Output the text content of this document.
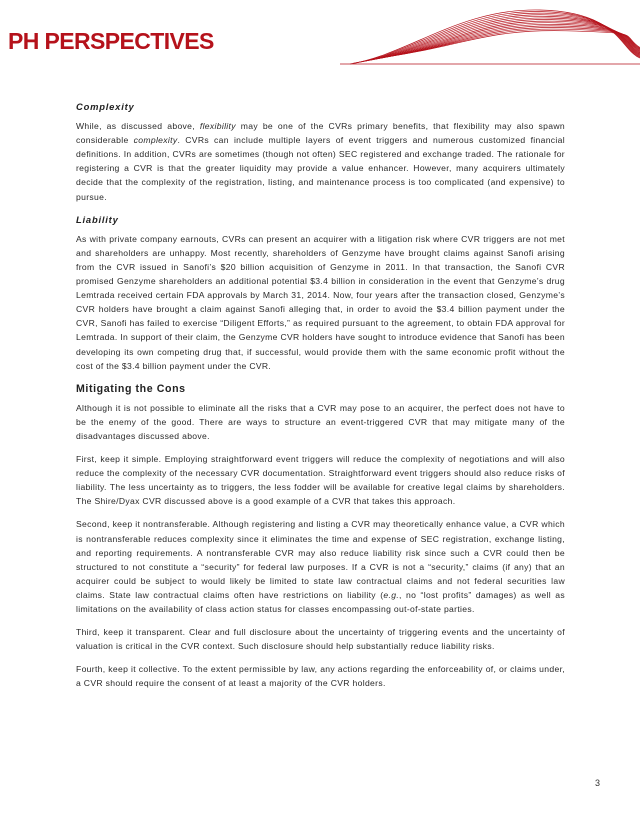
PH PERSPECTIVES
Complexity

While, as discussed above, flexibility may be one of the CVRs primary benefits, that flexibility may also spawn considerable complexity. CVRs can include multiple layers of event triggers and numerous customized financial definitions. In addition, CVRs are sometimes (though not often) SEC registered and exchange traded. The rationale for registering a CVR is that the greater liquidity may provide a value enhancer. However, many acquirers ultimately decide that the complexity of the registration, listing, and maintenance process is too complicated (and expensive) to pursue.

Liability

As with private company earnouts, CVRs can present an acquirer with a litigation risk where CVR triggers are not met and shareholders are unhappy. Most recently, shareholders of Genzyme have brought claims against Sanofi arising from the CVR issued in Sanofi’s $20 billion acquisition of Genzyme in 2011. In that transaction, the Sanofi CVR promised Genzyme shareholders an additional potential $3.4 billion in consideration in the event that Genzyme’s drug Lemtrada received certain FDA approvals by March 31, 2014. Now, four years after the transaction closed, Genzyme’s CVR holders have brought a claim against Sanofi alleging that, in order to avoid the $3.4 billion payment under the CVR, Sanofi has failed to exercise “Diligent Efforts,” as required pursuant to the agreement, to obtain FDA approval for Lemtrada. In support of their claim, the Genzyme CVR holders have sought to introduce evidence that Sanofi has been developing its own competing drug that, if successful, would provide them with the same economic profit without the cost of the $3.4 billion payment under the CVR.

Mitigating the Cons

Although it is not possible to eliminate all the risks that a CVR may pose to an acquirer, the perfect does not have to be the enemy of the good. There are ways to structure an event-triggered CVR that may mitigate many of the disadvantages discussed above.

First, keep it simple. Employing straightforward event triggers will reduce the complexity of negotiations and will also reduce the complexity of the necessary CVR documentation. Straightforward event triggers should also reduce risks of liability. The less uncertainty as to triggers, the less fodder will be available for creative legal claims by shareholders. The Shire/Dyax CVR discussed above is a good example of a CVR that takes this approach.

Second, keep it nontransferable. Although registering and listing a CVR may theoretically enhance value, a CVR which is nontransferable reduces complexity since it eliminates the time and expense of SEC registration, exchange listing, and reporting requirements. A nontransferable CVR may also reduce liability risk since such a CVR could then be structured to not constitute a “security” for federal law purposes. If a CVR is not a “security,” claims (if any) that an acquirer could be subject to would likely be limited to state law contractual claims and not federal securities law claims. State law contractual claims often have restrictions on liability (e.g., no “lost profits” damages) as well as limitations on the availability of class action status for classes encompassing out-of-state parties.

Third, keep it transparent. Clear and full disclosure about the uncertainty of triggering events and the uncertainty of valuation is critical in the CVR context. Such disclosure should help substantially reduce liability risks.

Fourth, keep it collective. To the extent permissible by law, any actions regarding the enforceability of, or claims under, a CVR should require the consent of at least a majority of the CVR holders.

3
